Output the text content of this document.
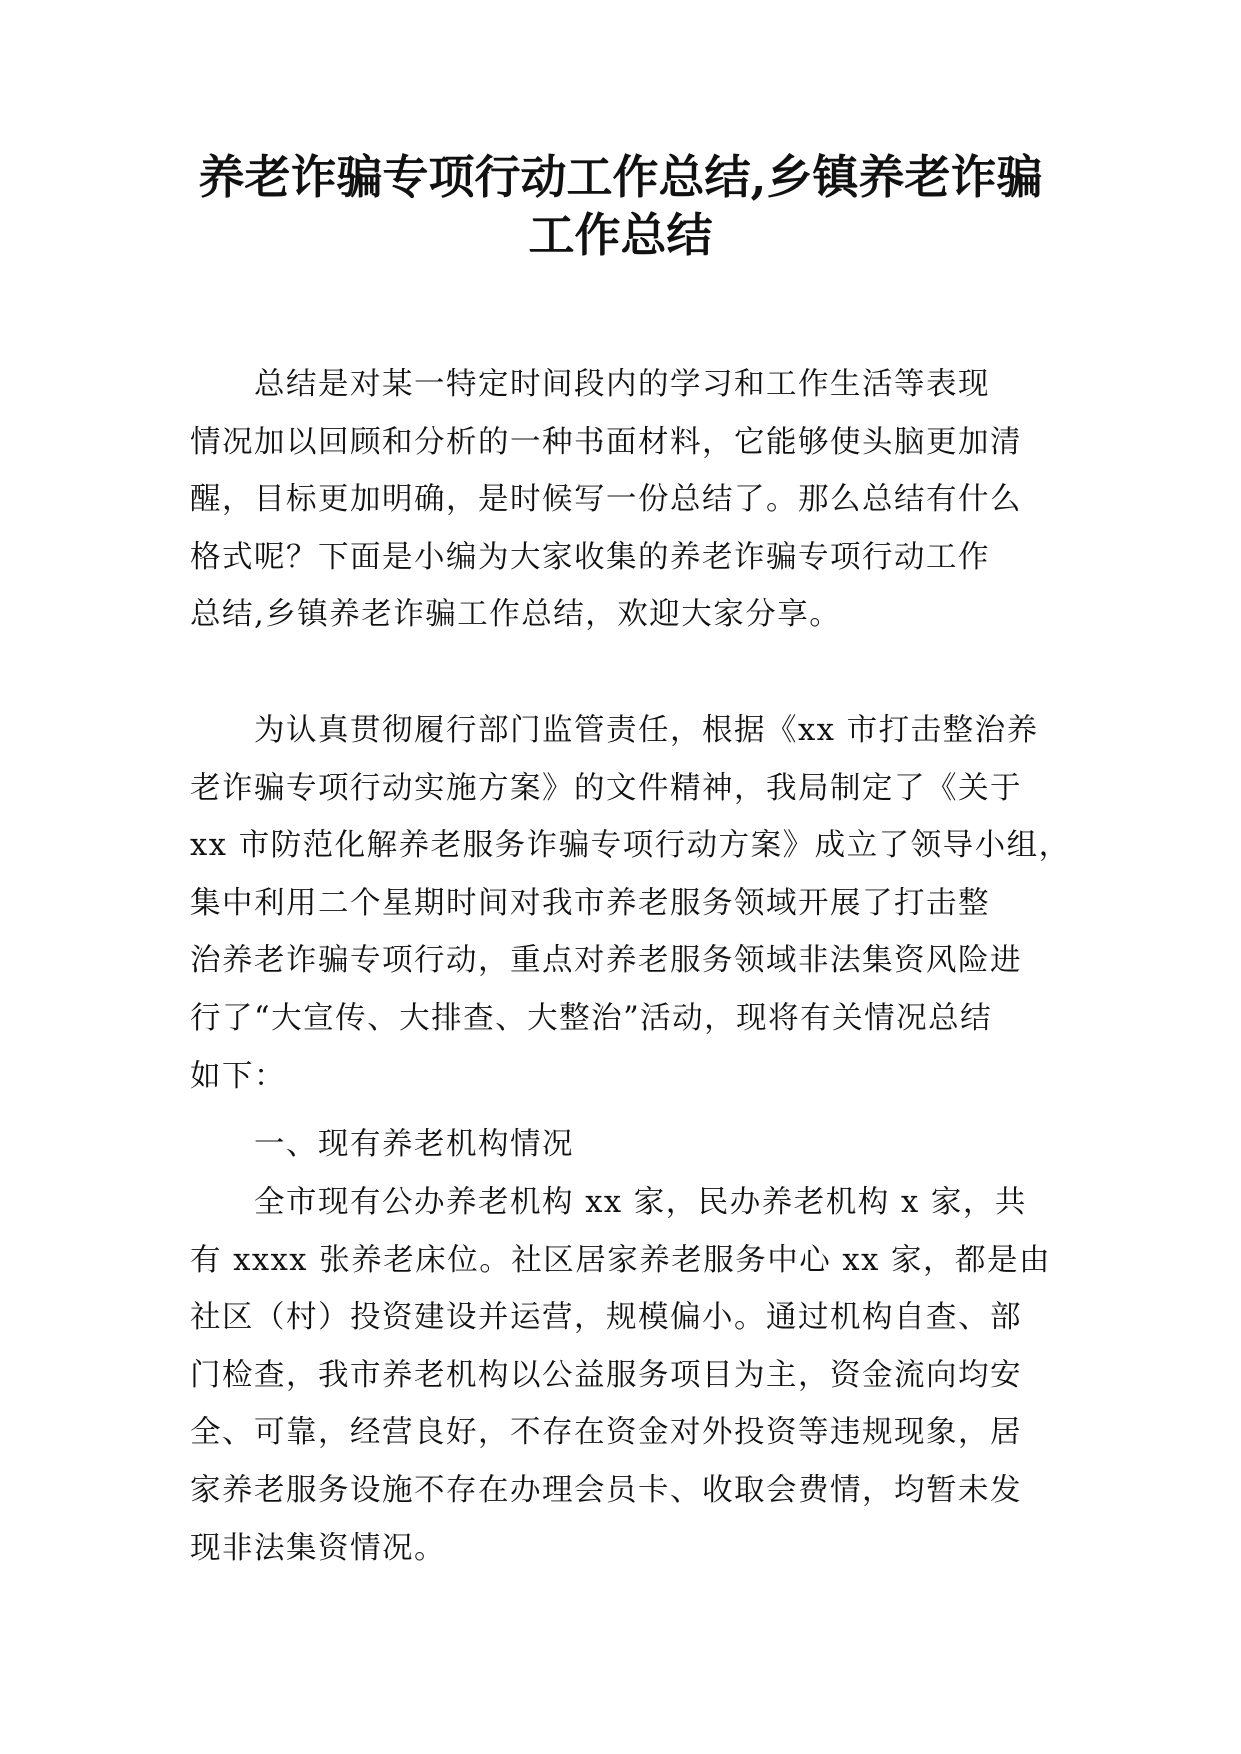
养老诈骗专项行动工作总结,乡镇养老诈骗
工作总结
总结是对某一特定时间段内的学习和工作生活等表现
情况加以回顾和分析的一种书面材料，它能够使头脑更加清
醒，目标更加明确，是时候写一份总结了。那么总结有什么
格式呢？下面是小编为大家收集的养老诈骗专项行动工作
总结,乡镇养老诈骗工作总结，欢迎大家分享。
为认真贯彻履行部门监管责任，根据《xx 市打击整治养
老诈骗专项行动实施方案》的文件精神，我局制定了《关于
xx 市防范化解养老服务诈骗专项行动方案》成立了领导小组，
集中利用二个星期时间对我市养老服务领域开展了打击整
治养老诈骗专项行动，重点对养老服务领域非法集资风险进
行了“大宣传、大排查、大整治”活动，现将有关情况总结
如下：
一、现有养老机构情况
全市现有公办养老机构 xx 家，民办养老机构 x 家，共
有 xxxx 张养老床位。社区居家养老服务中心 xx 家，都是由
社区（村）投资建设并运营，规模偏小。通过机构自查、部
门检查，我市养老机构以公益服务项目为主，资金流向均安
全、可靠，经营良好，不存在资金对外投资等违规现象，居
家养老服务设施不存在办理会员卡、收取会费情，均暂未发
现非法集资情况。
